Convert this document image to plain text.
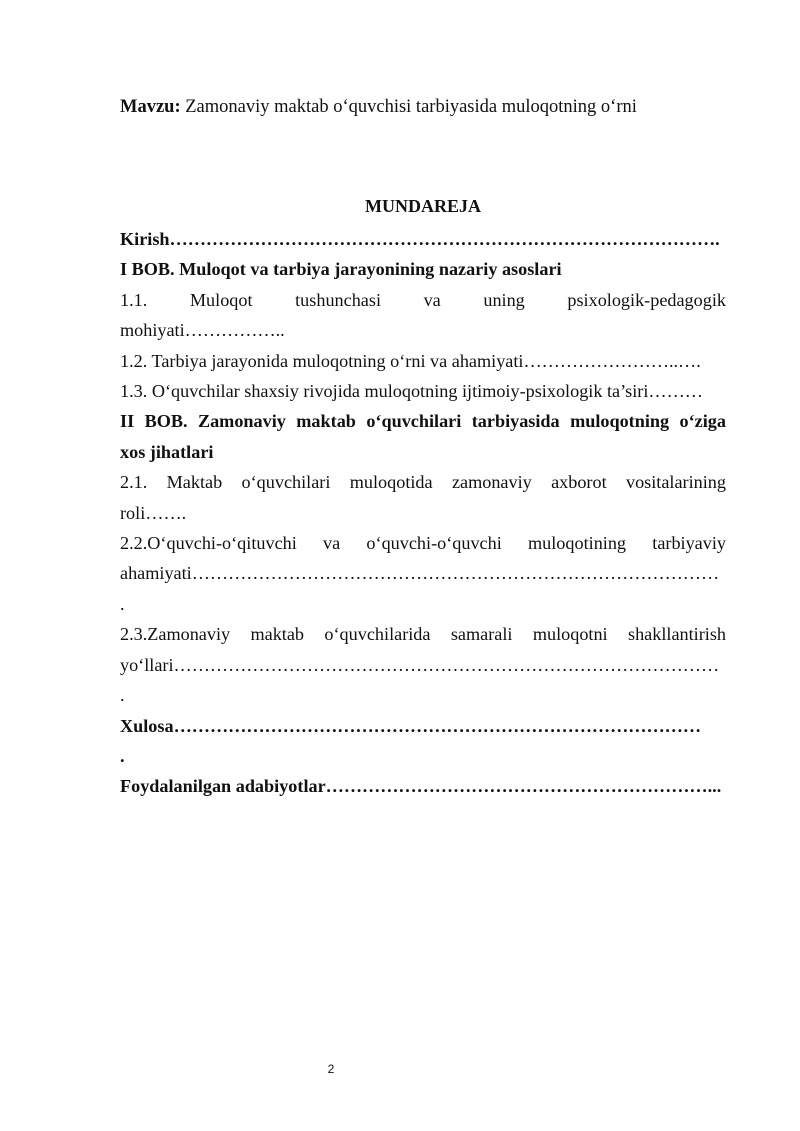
Mavzu: Zamonaviy maktab o‘quvchisi tarbiyasida muloqotning o‘rni
MUNDAREJA

Kirish……………………………………………………………………………….

I BOB. Muloqot va tarbiya jarayonining nazariy asoslari

1.1. Muloqot tushunchasi va uning psixologik-pedagogik

mohiyati……………..

1.2. Tarbiya jarayonida muloqotning o‘rni va ahamiyati……………………..….

1.3. O‘quvchilar shaxsiy rivojida muloqotning ijtimoiy-psixologik ta’siri………

II BOB. Zamonaviy maktab o‘quvchilari tarbiyasida muloqotning o‘ziga

xos jihatlari

2.1. Maktab o‘quvchilari muloqotida zamonaviy axborot vositalarining

roli…….

2.2.O‘quvchi-o‘qituvchi va o‘quvchi-o‘quvchi muloqotining tarbiyaviy

ahamiyati……………………………………………………………………………

.

2.3.Zamonaviy maktab o‘quvchilarida samarali muloqotni shakllantirish

yo‘llari………………………………………………………………………………

.

Xulosa……………………………………………………………………………

.

Foydalanilgan adabiyotlar………………………………………………………...

2
